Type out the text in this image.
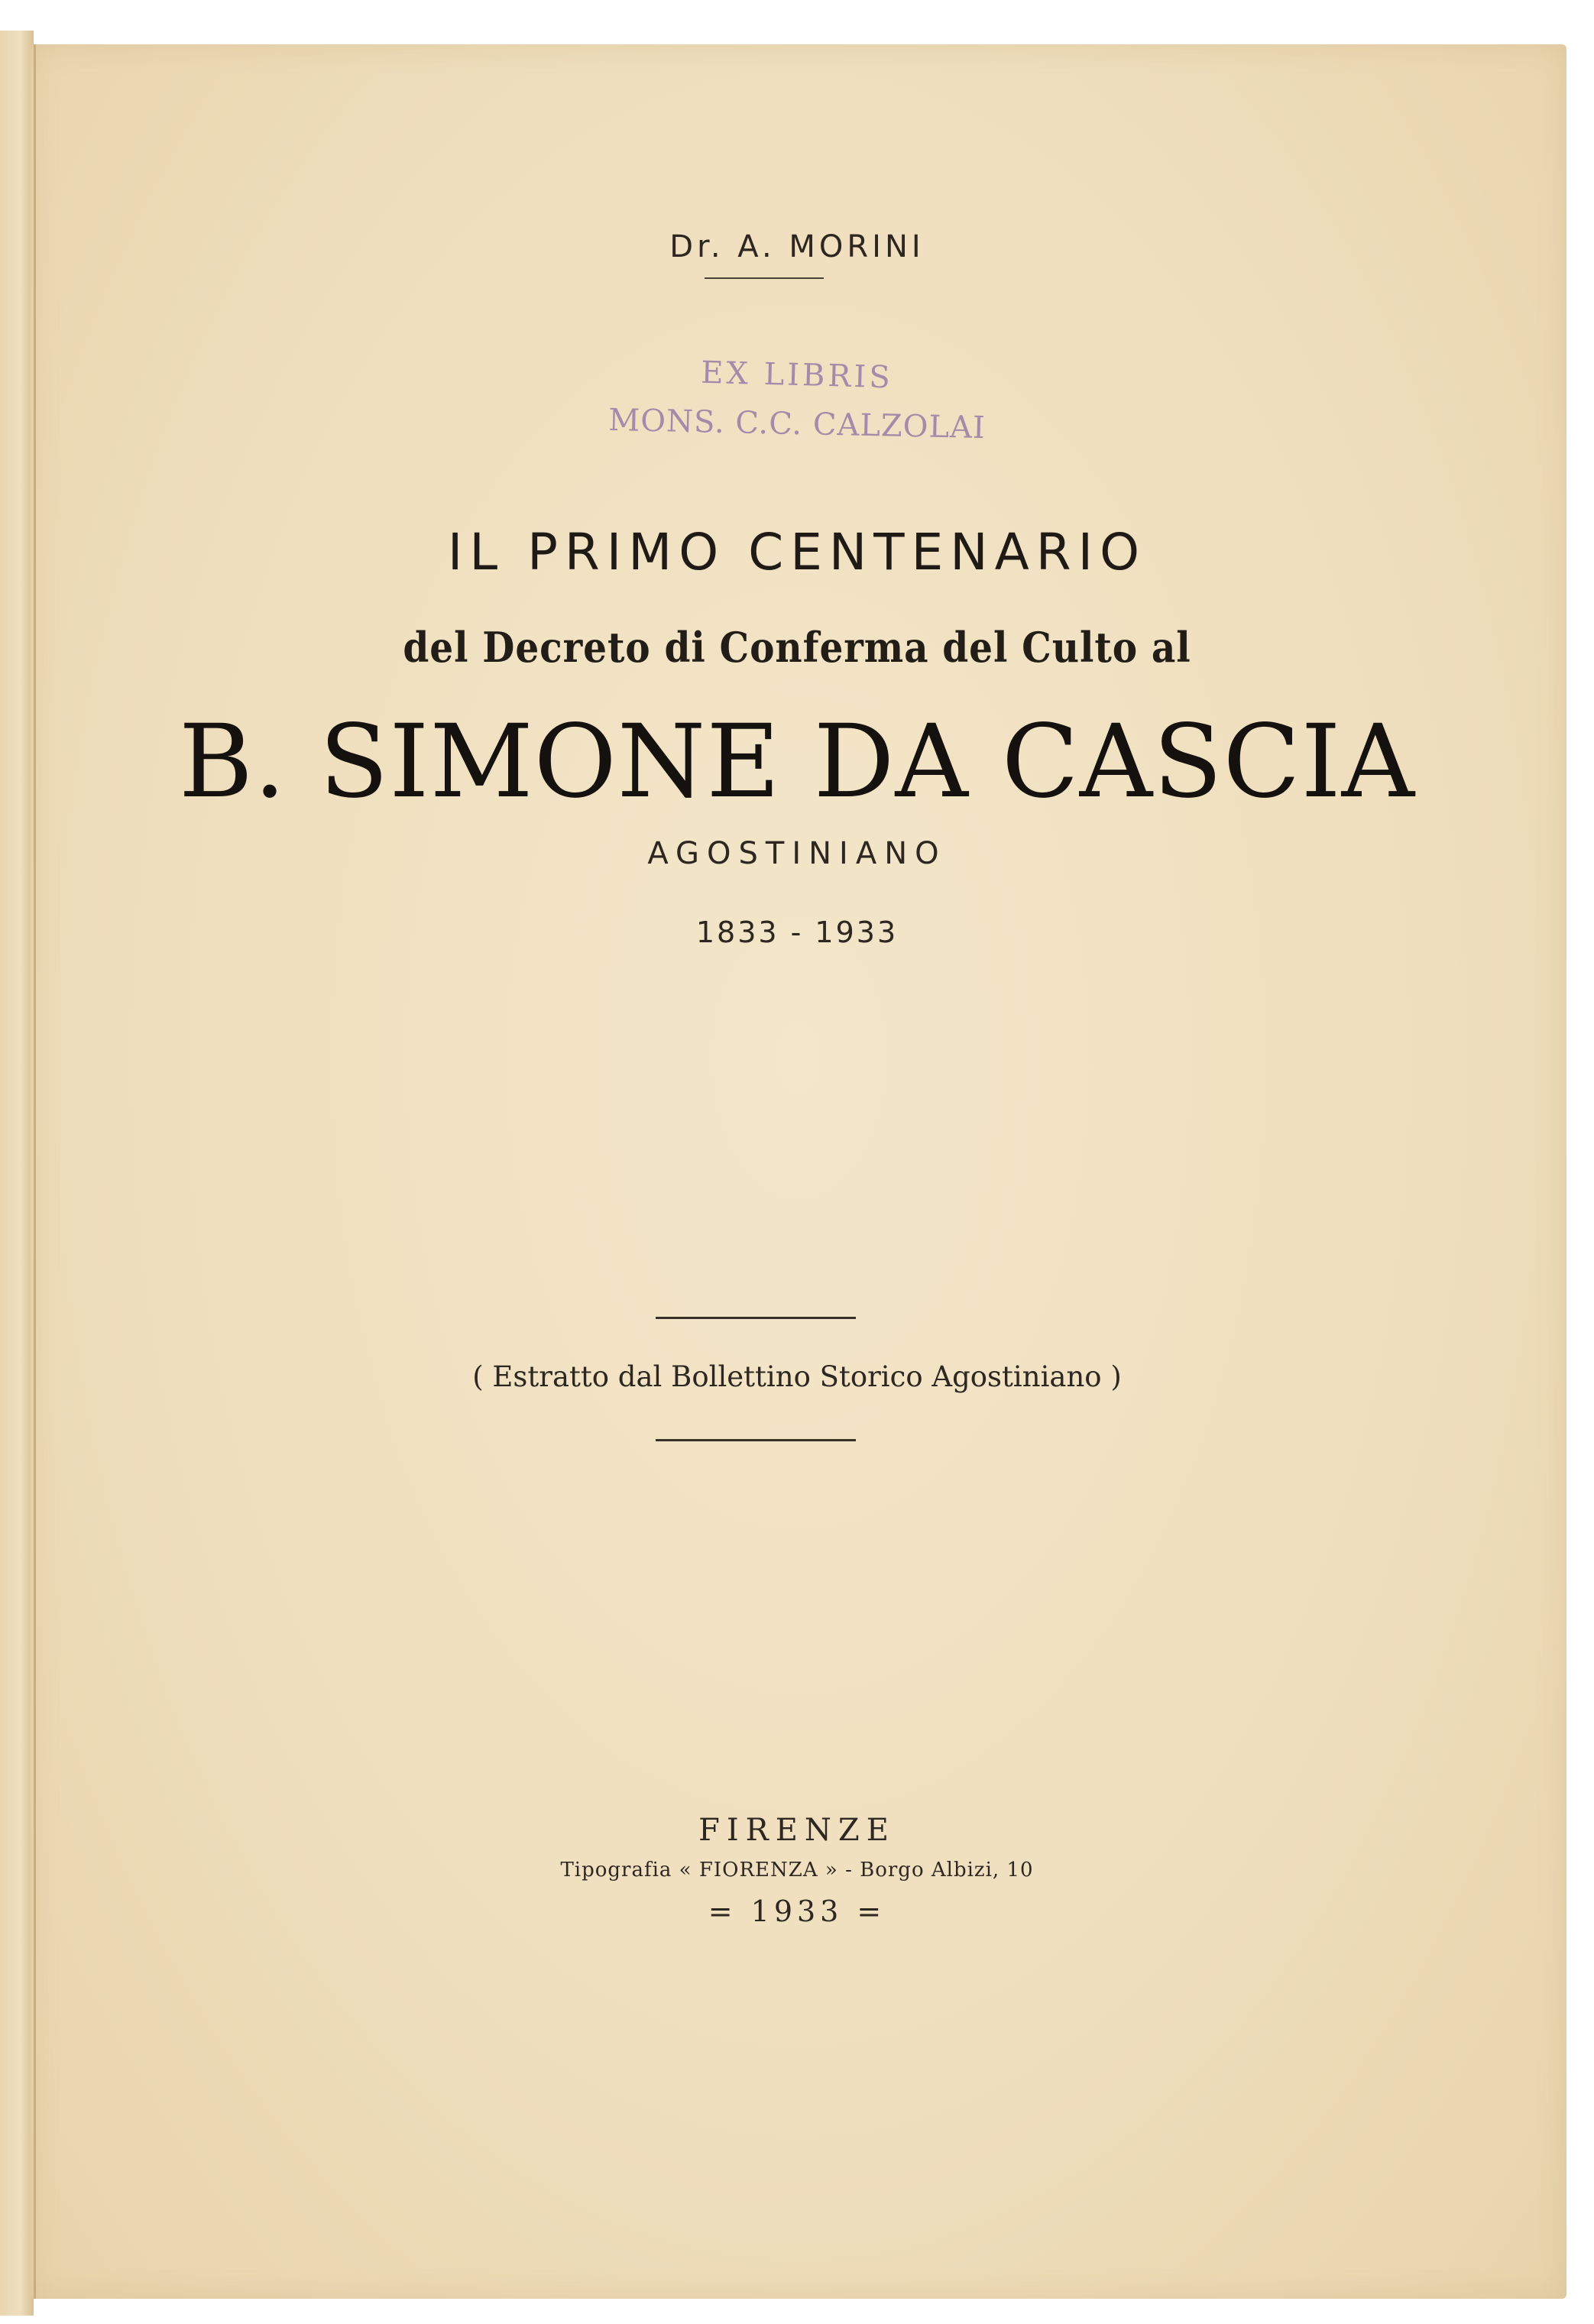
Dr. A. MORINI
EX LIBRIS
MONS. C.C. CALZOLAI
IL PRIMO CENTENARIO
del Decreto di Conferma del Culto al
B. SIMONE DA CASCIA
AGOSTINIANO
1833 - 1933
( Estratto dal Bollettino Storico Agostiniano )
FIRENZE
Tipografia « FIORENZA » - Borgo Albizi, 10
= 1933 =
